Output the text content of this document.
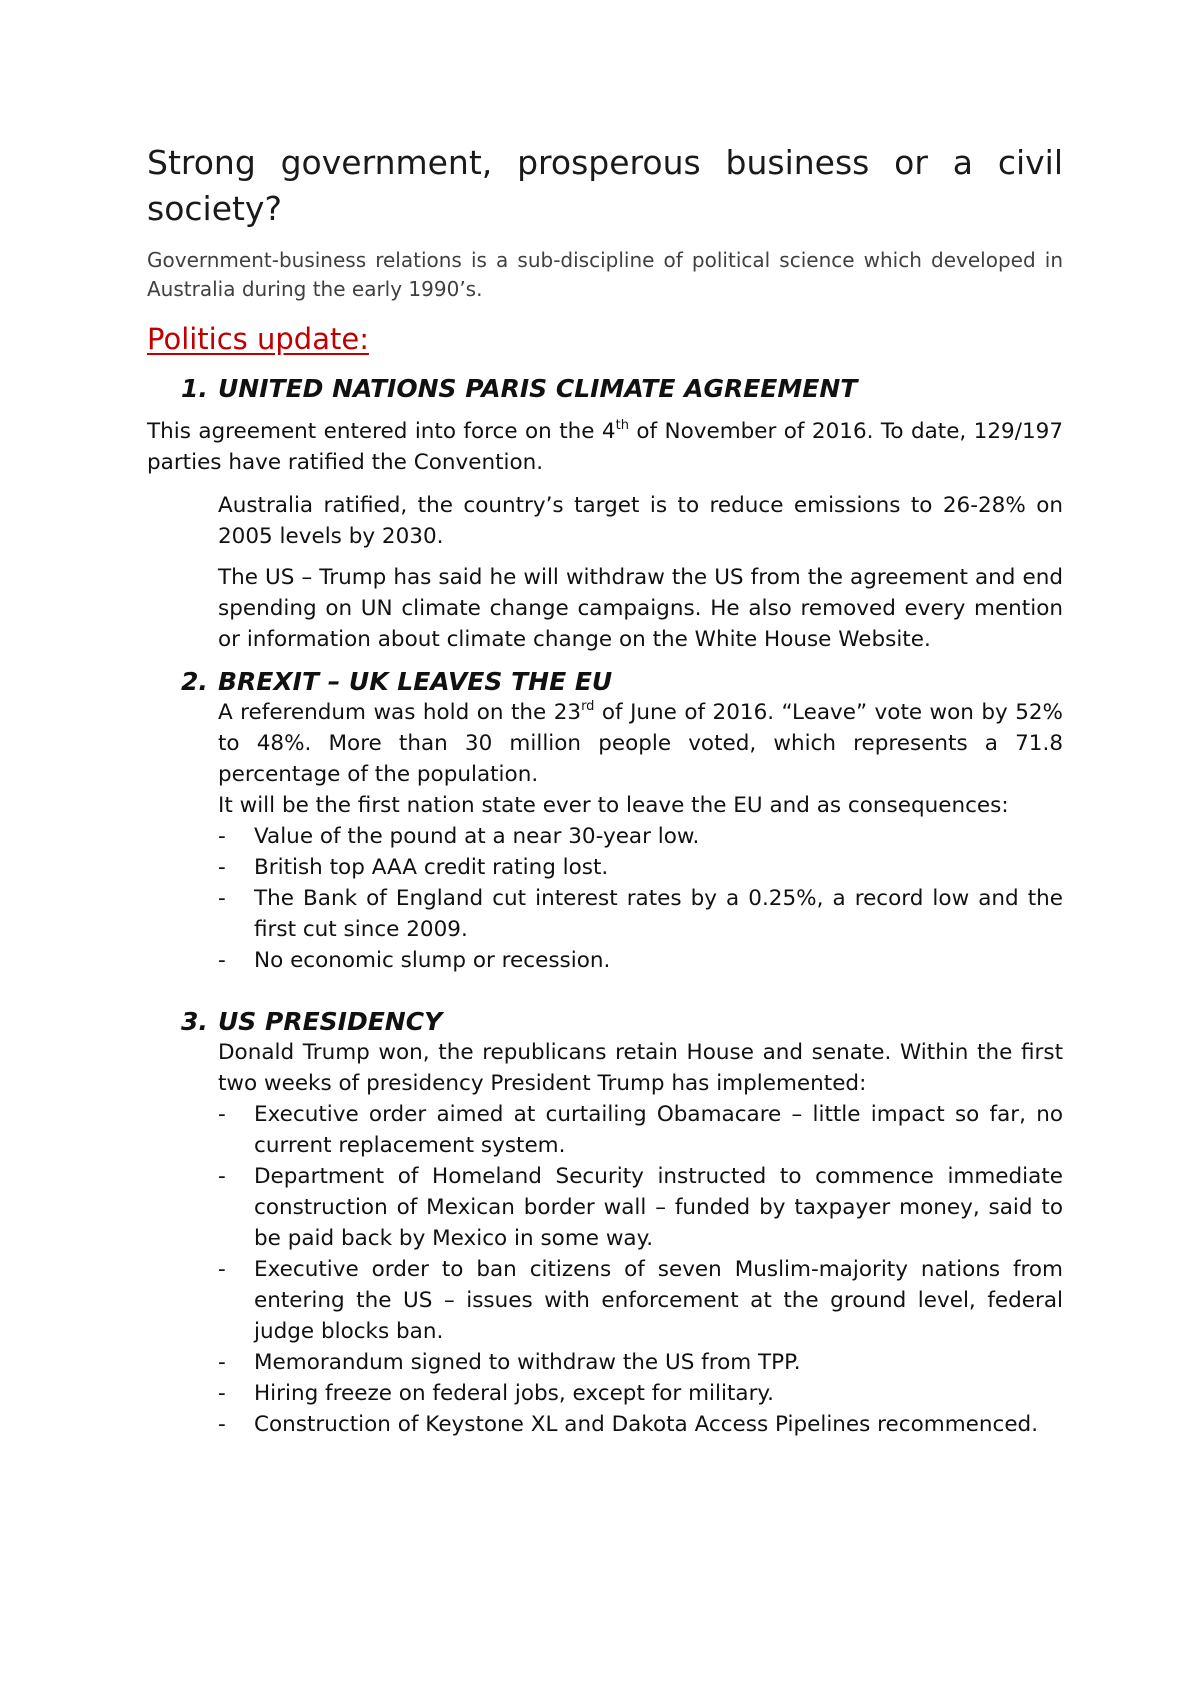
Strong government, prosperous business or a civil society?

Government-business relations is a sub-discipline of political science which developed in Australia during the early 1990’s.

Politics update:
1. UNITED NATIONS PARIS CLIMATE AGREEMENT

This agreement entered into force on the 4th of November of 2016. To date, 129/197 parties have ratified the Convention.

Australia ratified, the country’s target is to reduce emissions to 26-28% on 2005 levels by 2030.

The US – Trump has said he will withdraw the US from the agreement and end spending on UN climate change campaigns. He also removed every mention or information about climate change on the White House Website.

2. BREXIT – UK LEAVES THE EU

A referendum was hold on the 23rd of June of 2016. “Leave” vote won by 52% to 48%. More than 30 million people voted, which represents a 71.8 percentage of the population.

It will be the first nation state ever to leave the EU and as consequences:

- Value of the pound at a near 30-year low.
- British top AAA credit rating lost.
- The Bank of England cut interest rates by a 0.25%, a record low and the first cut since 2009.
- No economic slump or recession.
3. US PRESIDENCY

Donald Trump won, the republicans retain House and senate. Within the first two weeks of presidency President Trump has implemented:

- Executive order aimed at curtailing Obamacare – little impact so far, no current replacement system.
- Department of Homeland Security instructed to commence immediate construction of Mexican border wall – funded by taxpayer money, said to be paid back by Mexico in some way.
- Executive order to ban citizens of seven Muslim-majority nations from entering the US – issues with enforcement at the ground level, federal judge blocks ban.
- Memorandum signed to withdraw the US from TPP.
- Hiring freeze on federal jobs, except for military.
- Construction of Keystone XL and Dakota Access Pipelines recommenced.
